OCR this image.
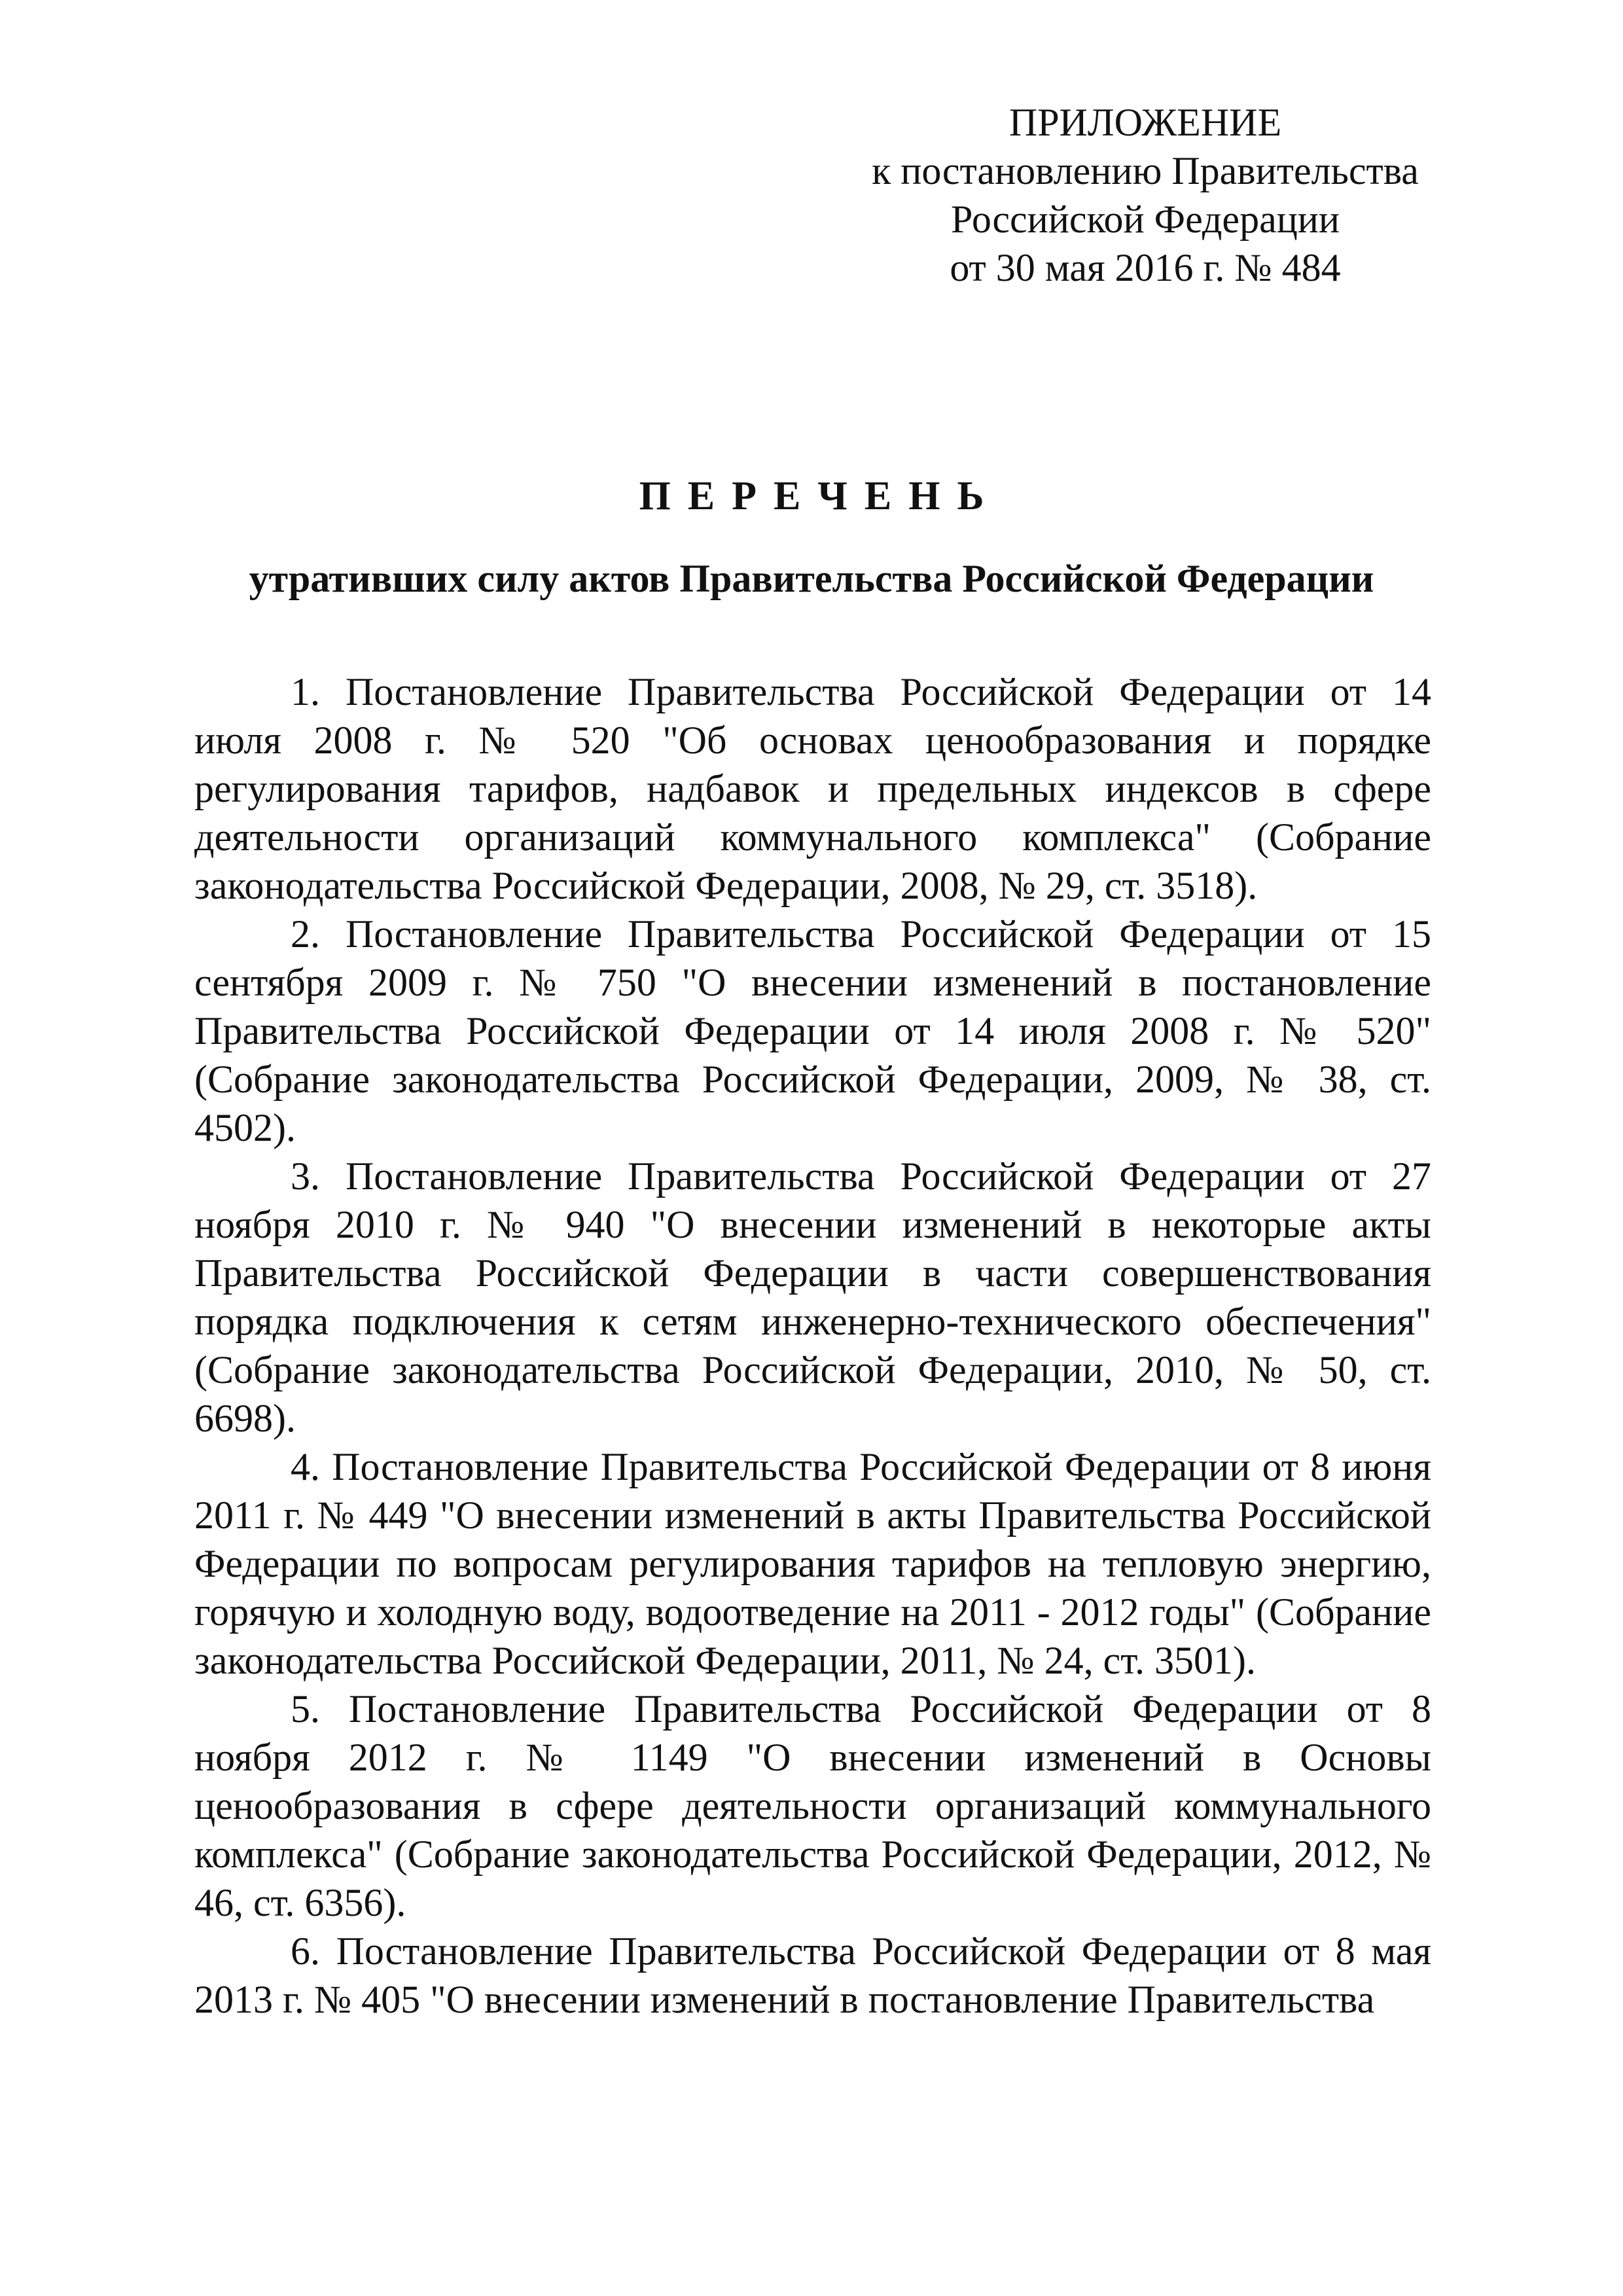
ПРИЛОЖЕНИЕ
к постановлению Правительства
Российской Федерации
от 30 мая 2016 г. № 484
ПЕРЕЧЕНЬ
утративших силу актов Правительства Российской Федерации

1. Постановление Правительства Российской Федерации от 14 июля 2008 г. № 520 "Об основах ценообразования и порядке регулирования тарифов, надбавок и предельных индексов в сфере деятельности организаций коммунального комплекса" (Собрание законодательства Российской Федерации, 2008, № 29, ст. 3518).

2. Постановление Правительства Российской Федерации от 15 сентября 2009 г. № 750 "О внесении изменений в постановление Правительства Российской Федерации от 14 июля 2008 г. № 520" (Собрание законодательства Российской Федерации, 2009, № 38, ст. 4502).

3. Постановление Правительства Российской Федерации от 27 ноября 2010 г. № 940 "О внесении изменений в некоторые акты Правительства Российской Федерации в части совершенствования порядка подключения к сетям инженерно-технического обеспечения" (Собрание законодательства Российской Федерации, 2010, № 50, ст. 6698).

4. Постановление Правительства Российской Федерации от 8 июня 2011 г. № 449 "О внесении изменений в акты Правительства Российской Федерации по вопросам регулирования тарифов на тепловую энергию, горячую и холодную воду, водоотведение на 2011 - 2012 годы" (Собрание законодательства Российской Федерации, 2011, № 24, ст. 3501).

5. Постановление Правительства Российской Федерации от 8 ноября 2012 г. № 1149 "О внесении изменений в Основы ценообразования в сфере деятельности организаций коммунального комплекса" (Собрание законодательства Российской Федерации, 2012, № 46, ст. 6356).

6. Постановление Правительства Российской Федерации от 8 мая 2013 г. № 405 "О внесении изменений в постановление Правительства
